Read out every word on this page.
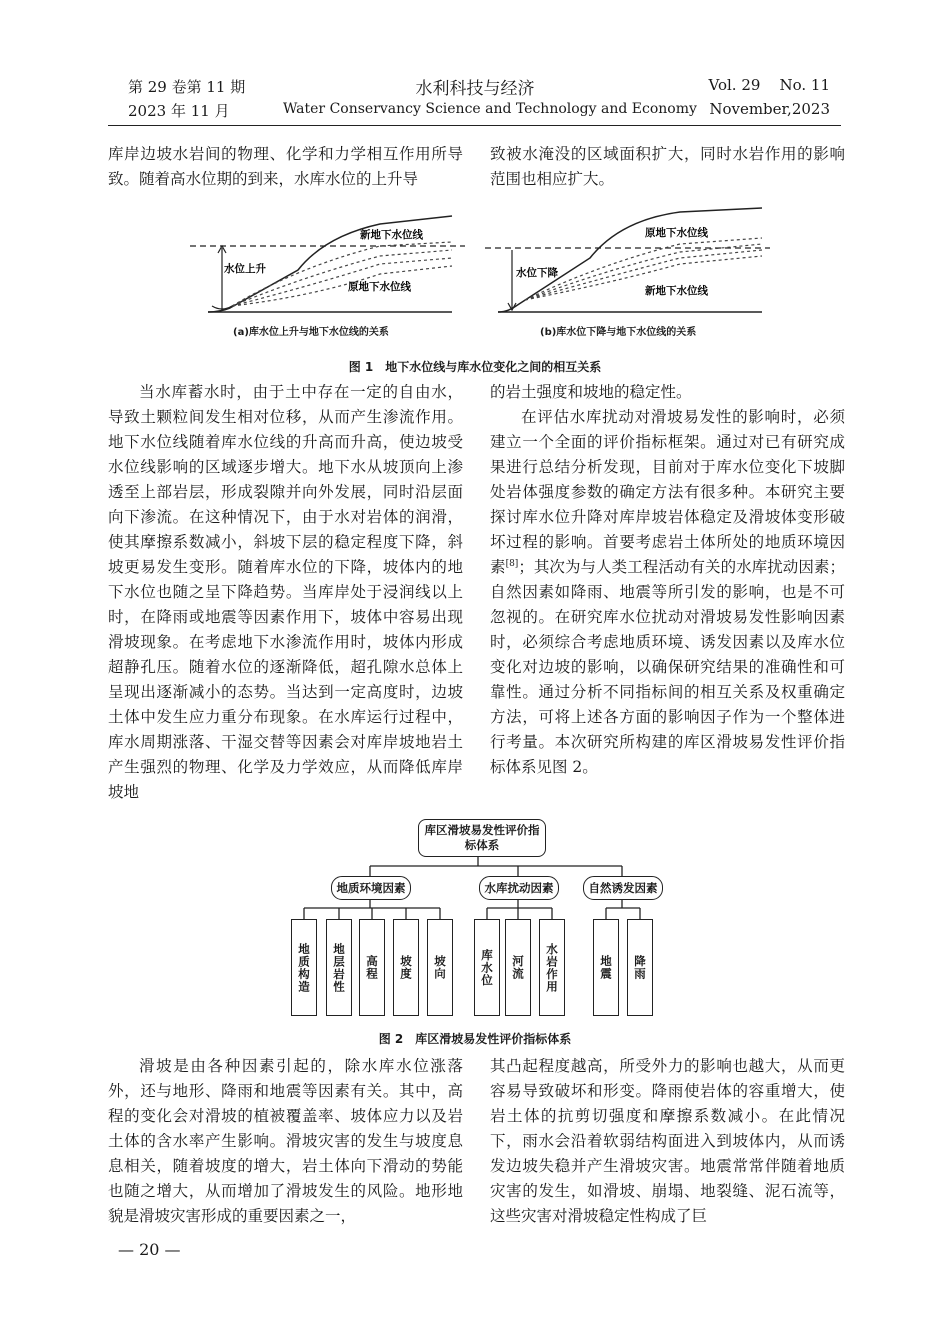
第 29 卷第 11 期	水利科技与经济	Vol. 29    No. 11
2023 年 11 月	Water Conservancy Science and Technology and Economy November,2023

库岸边坡水岩间的物理、化学和力学相互作用所导致。随着高水位期的到来，水库水位的上升导

致被水淹没的区域面积扩大，同时水岩作用的影响范围也相应扩大。

新地下水位线
水位上升
原地下水位线
原地下水位线
水位下降
新地下水位线
(a)库水位上升与地下水位线的关系	(b)库水位下降与地下水位线的关系
图 1　地下水位线与库水位变化之间的相互关系

当水库蓄水时，由于土中存在一定的自由水，导致土颗粒间发生相对位移，从而产生渗流作用。地下水位线随着库水位线的升高而升高，使边坡受水位线影响的区域逐步增大。地下水从坡顶向上渗透至上部岩层，形成裂隙并向外发展，同时沿层面向下渗流。在这种情况下，由于水对岩体的润滑，使其摩擦系数减小，斜坡下层的稳定程度下降，斜坡更易发生变形。随着库水位的下降，坡体内的地下水位也随之呈下降趋势。当库岸处于浸润线以上时，在降雨或地震等因素作用下，坡体中容易出现滑坡现象。在考虑地下水渗流作用时，坡体内形成超静孔压。随着水位的逐渐降低，超孔隙水总体上呈现出逐渐减小的态势。当达到一定高度时，边坡土体中发生应力重分布现象。在水库运行过程中，库水周期涨落、干湿交替等因素会对库岸坡地岩土产生强烈的物理、化学及力学效应，从而降低库岸坡地

的岩土强度和坡地的稳定性。

在评估水库扰动对滑坡易发性的影响时，必须建立一个全面的评价指标框架。通过对已有研究成果进行总结分析发现，目前对于库水位变化下坡脚处岩体强度参数的确定方法有很多种。本研究主要探讨库水位升降对库岸坡岩体稳定及滑坡体变形破坏过程的影响。首要考虑岩土体所处的地质环境因素[8]；其次为与人类工程活动有关的水库扰动因素；自然因素如降雨、地震等所引发的影响，也是不可忽视的。在研究库水位扰动对滑坡易发性影响因素时，必须综合考虑地质环境、诱发因素以及库水位变化对边坡的影响，以确保研究结果的准确性和可靠性。通过分析不同指标间的相互关系及权重确定方法，可将上述各方面的影响因子作为一个整体进行考量。本次研究所构建的库区滑坡易发性评价指标体系见图 2。

库区滑坡易发性评价指标体系
地质环境因素	水库扰动因素	自然诱发因素
地质构造	地层岩性	高程	坡度	坡向	库水位	河流	水岩作用	地震	降雨
图 2　库区滑坡易发性评价指标体系

滑坡是由各种因素引起的，除水库水位涨落外，还与地形、降雨和地震等因素有关。其中，高程的变化会对滑坡的植被覆盖率、坡体应力以及岩土体的含水率产生影响。滑坡灾害的发生与坡度息息相关，随着坡度的增大，岩土体向下滑动的势能也随之增大，从而增加了滑坡发生的风险。地形地貌是滑坡灾害形成的重要因素之一，

其凸起程度越高，所受外力的影响也越大，从而更容易导致破坏和形变。降雨使岩体的容重增大，使岩土体的抗剪切强度和摩擦系数减小。在此情况下，雨水会沿着软弱结构面进入到坡体内，从而诱发边坡失稳并产生滑坡灾害。地震常常伴随着地质灾害的发生，如滑坡、崩塌、地裂缝、泥石流等，这些灾害对滑坡稳定性构成了巨

— 20 —
